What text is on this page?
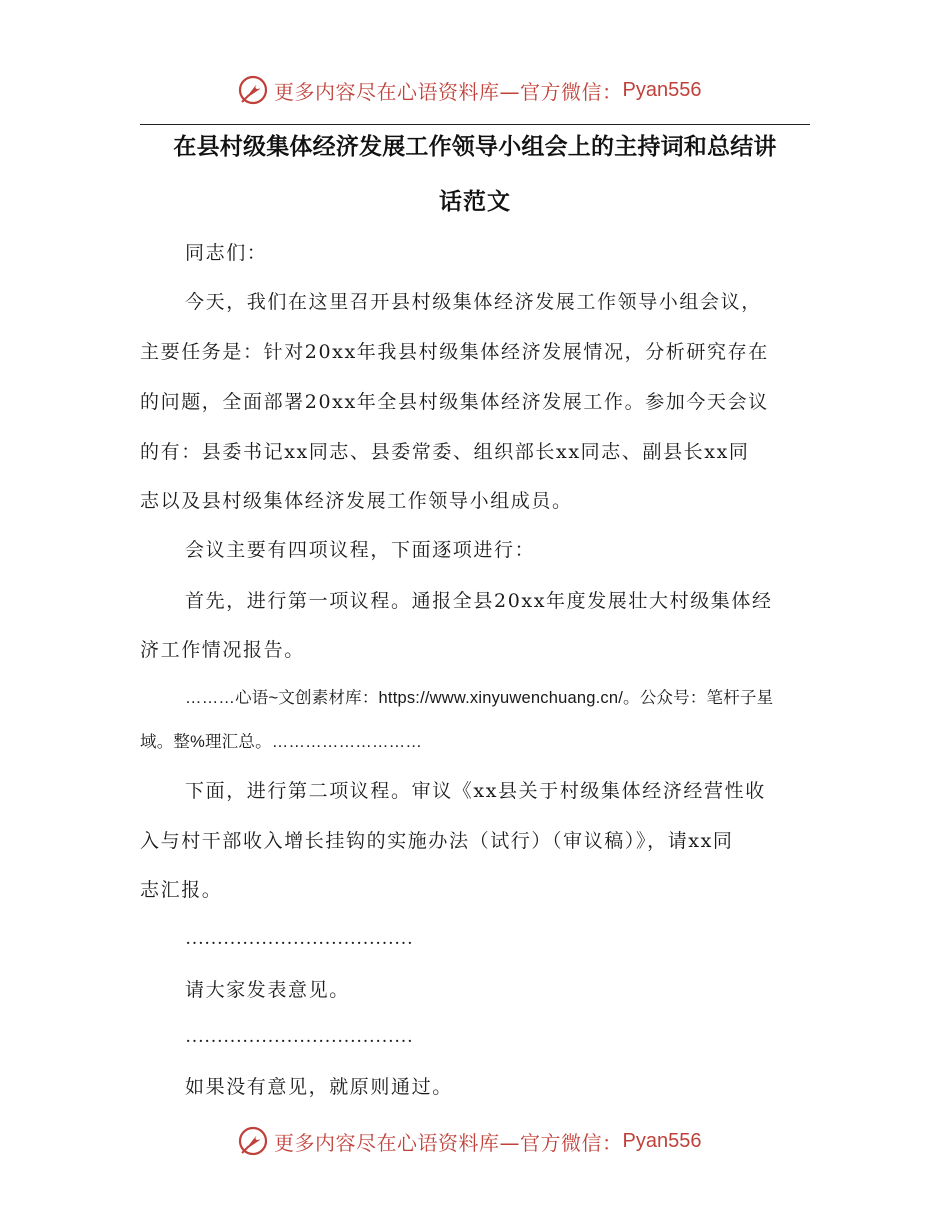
更多内容尽在心语资料库—官方微信： Pyan556
在县村级集体经济发展工作领导小组会上的主持词和总结讲
话范文
同志们：
今天，我们在这里召开县村级集体经济发展工作领导小组会议，
主要任务是：针对20xx年我县村级集体经济发展情况，分析研究存在
的问题，全面部署20xx年全县村级集体经济发展工作。参加今天会议
的有：县委书记xx同志、县委常委、组织部长xx同志、副县长xx同
志以及县村级集体经济发展工作领导小组成员。
会议主要有四项议程，下面逐项进行：
首先，进行第一项议程。通报全县20xx年度发展壮大村级集体经
济工作情况报告。
………心语~文创素材库：https://www.xinyuwenchuang.cn/。公众号：笔杆子星
域。整%理汇总。………………………
下面，进行第二项议程。审议《xx县关于村级集体经济经营性收
入与村干部收入增长挂钩的实施办法（试行）（审议稿）》，请xx同
志汇报。
………………………………
请大家发表意见。
………………………………
如果没有意见，就原则通过。
更多内容尽在心语资料库—官方微信： Pyan556
